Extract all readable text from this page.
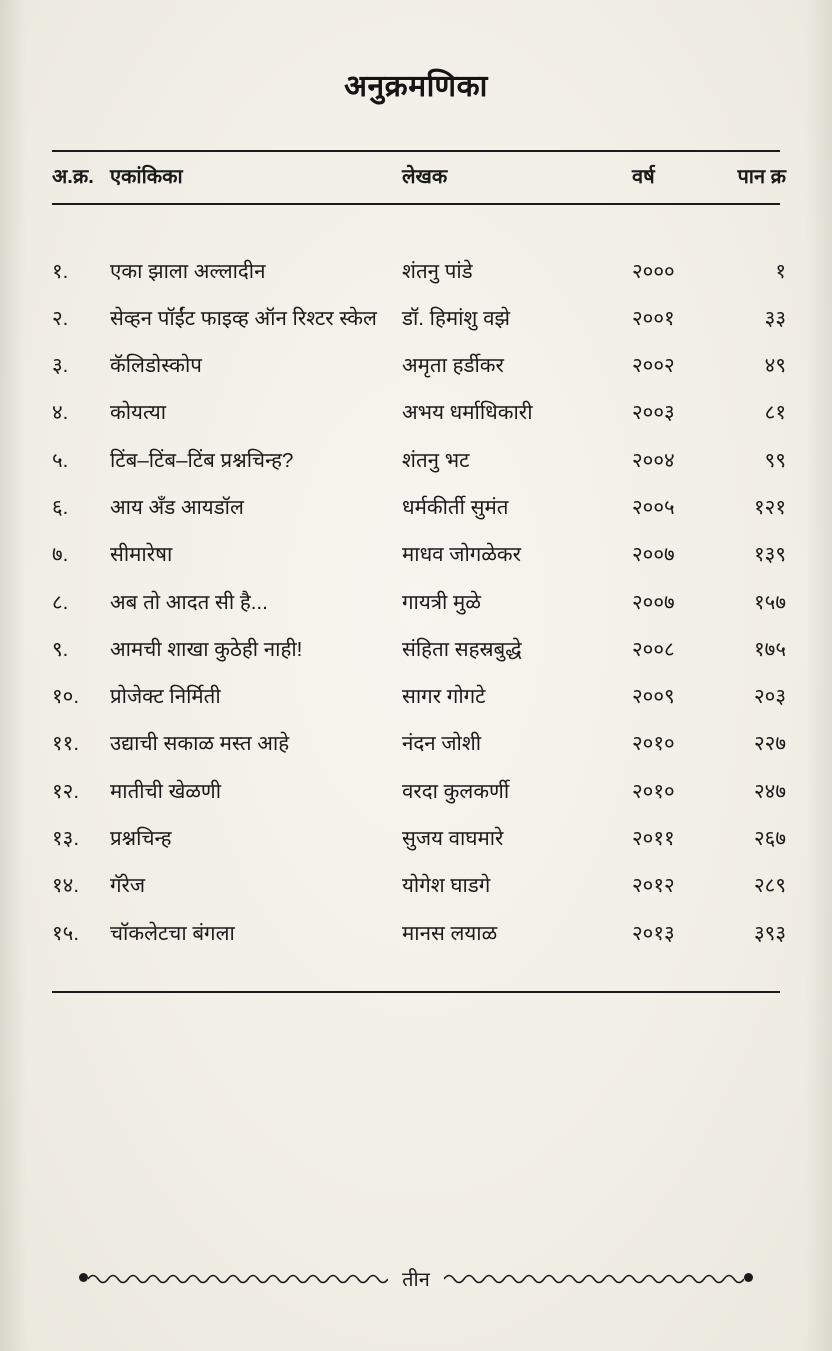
अनुक्रमणिका
अ.क्र. एकांकिका	लेखक	वर्ष	पान क्र
१.	एका झाला अल्लादीन	शंतनु पांडे	२०००	१
२.	सेव्हन पॉईंट फाइव्ह ऑन रिश्टर स्केल	डॉ. हिमांशु वझे	२००१	३३
३.	कॅलिडोस्कोप	अमृता हर्डीकर	२००२	४९
४.	कोयत्या	अभय धर्माधिकारी	२००३	८१
५.	टिंब–टिंब–टिंब प्रश्नचिन्ह?	शंतनु भट	२००४	९९
६.	आय अँड आयडॉल	धर्मकीर्ती सुमंत	२००५	१२१
७.	सीमारेषा	माधव जोगळेकर	२००७	१३९
८.	अब तो आदत सी है...	गायत्री मुळे	२००७	१५७
९.	आमची शाखा कुठेही नाही!	संहिता सहस्रबुद्धे	२००८	१७५
१०.	प्रोजेक्ट निर्मिती	सागर गोगटे	२००९	२०३
११.	उद्याची सकाळ मस्त आहे	नंदन जोशी	२०१०	२२७
१२.	मातीची खेळणी	वरदा कुलकर्णी	२०१०	२४७
१३.	प्रश्नचिन्ह	सुजय वाघमारे	२०११	२६७
१४.	गॅरेज	योगेश घाडगे	२०१२	२८९
१५.	चॉकलेटचा बंगला	मानस लयाळ	२०१३	३९३
तीन
